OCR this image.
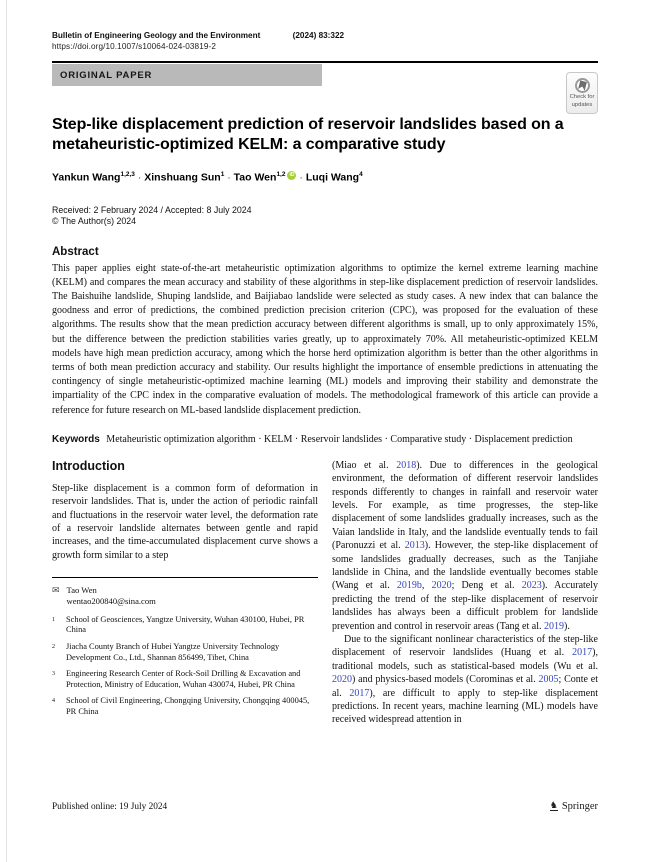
Bulletin of Engineering Geology and the Environment	(2024) 83:322
https://doi.org/10.1007/s10064-024-03819-2
ORIGINAL PAPER
Check for
updates
Step-like displacement prediction of reservoir landslides based on a metaheuristic-optimized KELM: a comparative study
Yankun Wang$^{1,2,3}$ · Xinshuang Sun$^1$ · Tao Wen$^{1,2}$ iD · Luqi Wang$^4$
Received: 2 February 2024 / Accepted: 8 July 2024
© The Author(s) 2024
Abstract

This paper applies eight state-of-the-art metaheuristic optimization algorithms to optimize the kernel extreme learning machine (KELM) and compares the mean accuracy and stability of these algorithms in step-like displacement prediction of reservoir landslides. The Baishuihe landslide, Shuping landslide, and Baijiabao landslide were selected as study cases. A new index that can balance the goodness and error of predictions, the combined prediction precision criterion (CPC), was proposed for the evaluation of these algorithms. The results show that the mean prediction accuracy between different algorithms is small, up to only approximately 15%, but the difference between the prediction stabilities varies greatly, up to approximately 70%. All metaheuristic-optimized KELM models have high mean prediction accuracy, among which the horse herd optimization algorithm is better than the other algorithms in terms of both mean prediction accuracy and stability. Our results highlight the importance of ensemble predictions in attenuating the contingency of single metaheuristic-optimized machine learning (ML) models and improving their stability and demonstrate the impartiality of the CPC index in the comparative evaluation of models. The methodological framework of this article can provide a reference for future research on ML-based landslide displacement prediction.

Keywords Metaheuristic optimization algorithm · KELM · Reservoir landslides · Comparative study · Displacement prediction
Introduction

Step-like displacement is a common form of deformation in reservoir landslides. That is, under the action of periodic rainfall and fluctuations in the reservoir water level, the deformation rate of a reservoir landslide alternates between gentle and rapid increases, and the time-accumulated displacement curve shows a growth form similar to a step

✉ Tao Wen
wentao200840@sina.com
1	School of Geosciences, Yangtze University, Wuhan 430100, Hubei, PR China
2	Jiacha County Branch of Hubei Yangtze University Technology Development Co., Ltd., Shannan 856499, Tibet, China
3	Engineering Research Center of Rock-Soil Drilling & Excavation and Protection, Ministry of Education, Wuhan 430074, Hubei, PR China
4	School of Civil Engineering, Chongqing University, Chongqing 400045, PR China

(Miao et al. 2018). Due to differences in the geological environment, the deformation of different reservoir landslides responds differently to changes in rainfall and reservoir water levels. For example, as time progresses, the step-like displacement of some landslides gradually increases, such as the Vaian landslide in Italy, and the landslide eventually tends to fail (Paronuzzi et al. 2013). However, the step-like displacement of some landslides gradually decreases, such as the Tanjiahe landslide in China, and the landslide eventually becomes stable (Wang et al. 2019b, 2020; Deng et al. 2023). Accurately predicting the trend of the step-like displacement of reservoir landslides has always been a difficult problem for landslide prevention and control in reservoir areas (Tang et al. 2019).

Due to the significant nonlinear characteristics of the step-like displacement of reservoir landslides (Huang et al. 2017), traditional models, such as statistical-based models (Wu et al. 2020) and physics-based models (Corominas et al. 2005; Conte et al. 2017), are difficult to apply to step-like displacement predictions. In recent years, machine learning (ML) models have received widespread attention in

Published online: 19 July 2024	♞ Springer
